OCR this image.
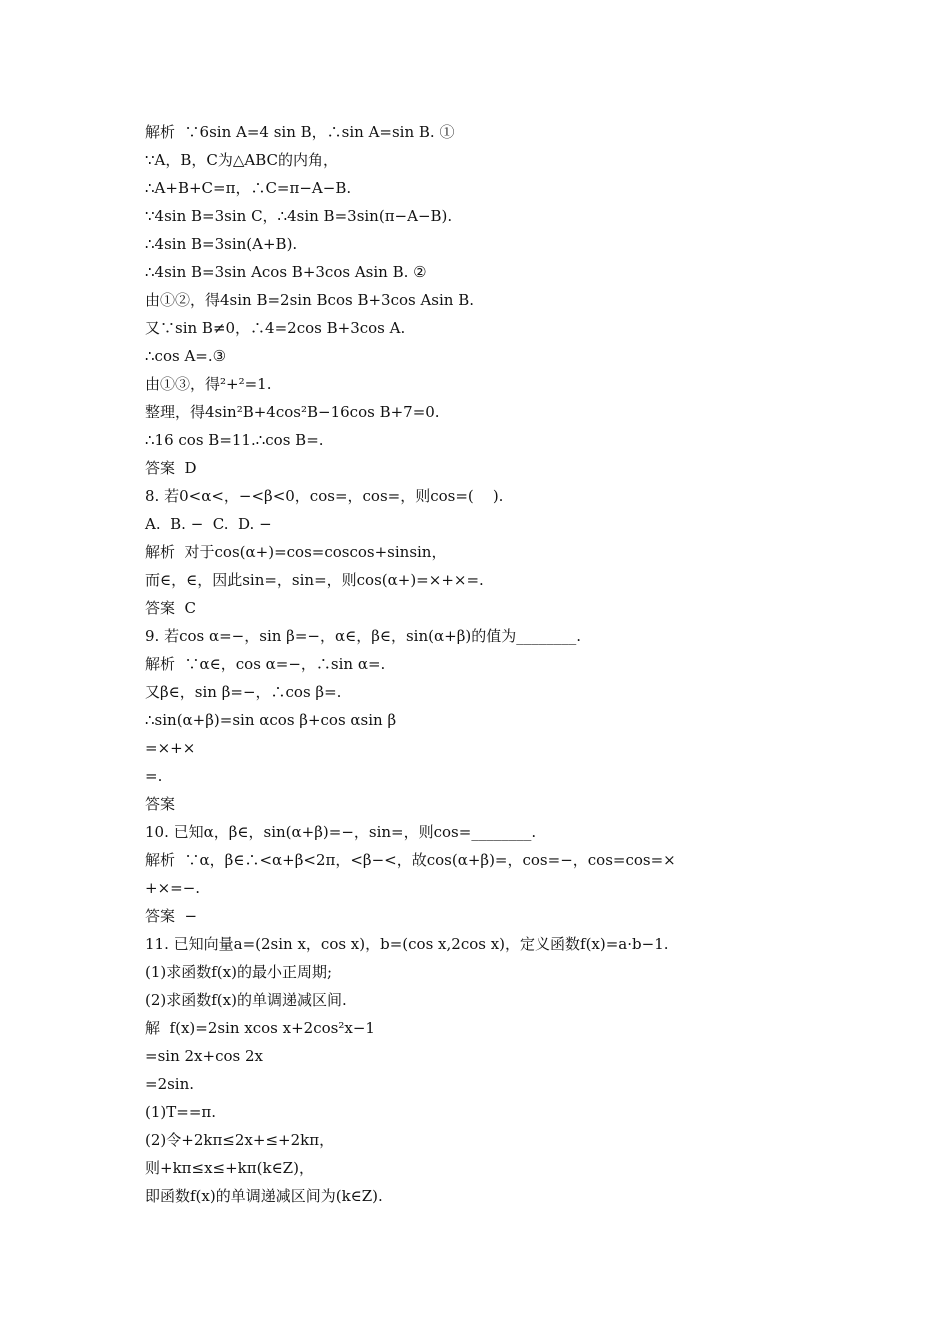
解析  ∵6sin A=4 sin B，∴sin A=sin B. ①
∵A，B，C为△ABC的内角，
∴A+B+C=π，∴C=π−A−B.
∵4sin B=3sin C，∴4sin B=3sin(π−A−B).
∴4sin B=3sin(A+B).
∴4sin B=3sin Acos B+3cos Asin B. ②
由①②，得4sin B=2sin Bcos B+3cos Asin B.
又∵sin B≠0，∴4=2cos B+3cos A.
∴cos A=.③
由①③，得²+²=1.
整理，得4sin²B+4cos²B−16cos B+7=0.
∴16 cos B=11.∴cos B=.
答案  D
8. 若0<α<，−<β<0，cos=，cos=，则cos=(    ).
A.  B. −  C.  D. −
解析  对于cos(α+)=cos=coscos+sinsin，
而∈，∈，因此sin=，sin=，则cos(α+)=×+×=.
答案  C
9. 若cos α=−，sin β=−，α∈，β∈，sin(α+β)的值为________.
解析  ∵α∈，cos α=−，∴sin α=.
又β∈，sin β=−，∴cos β=.
∴sin(α+β)=sin αcos β+cos αsin β
=×+×
=.
答案
10. 已知α，β∈，sin(α+β)=−，sin=，则cos=________.
解析  ∵α，β∈∴<α+β<2π，<β−<，故cos(α+β)=，cos=−，cos=cos=×
+×=−.
答案  −
11. 已知向量a=(2sin x，cos x)，b=(cos x,2cos x)，定义函数f(x)=a·b−1.
(1)求函数f(x)的最小正周期;
(2)求函数f(x)的单调递减区间.
解  f(x)=2sin xcos x+2cos²x−1
=sin 2x+cos 2x
=2sin.
(1)T==π.
(2)令+2kπ≤2x+≤+2kπ，
则+kπ≤x≤+kπ(k∈Z)，
即函数f(x)的单调递减区间为(k∈Z).
